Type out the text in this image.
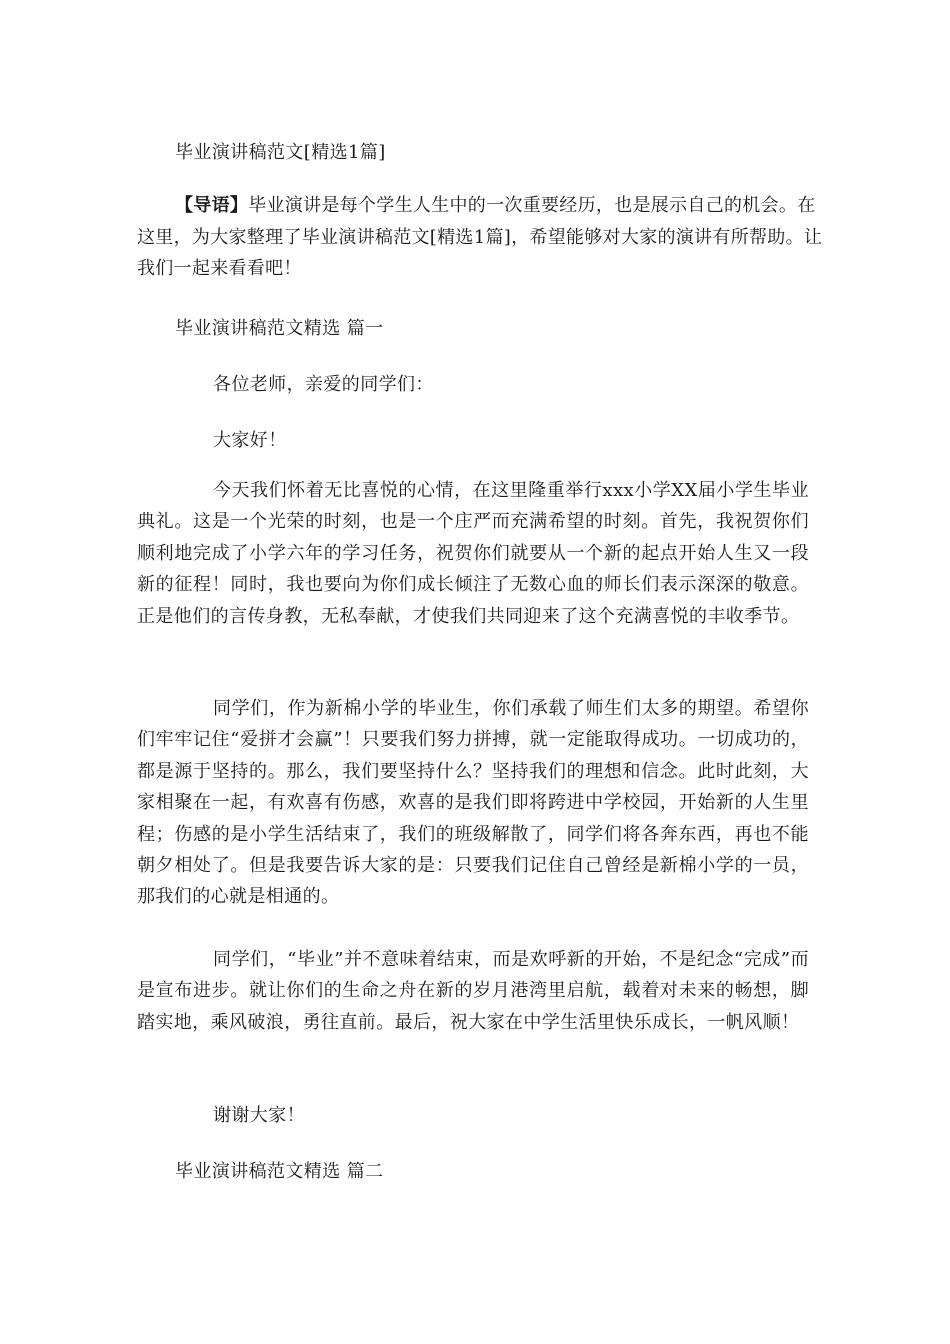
毕业演讲稿范文[精选1篇]

【导语】毕业演讲是每个学生人生中的一次重要经历，也是展示自己的机会。在这里，为大家整理了毕业演讲稿范文[精选1篇]，希望能够对大家的演讲有所帮助。让我们一起来看看吧！

毕业演讲稿范文精选 篇一
各位老师，亲爱的同学们：
大家好！

今天我们怀着无比喜悦的心情，在这里隆重举行xxx小学XX届小学生毕业典礼。这是一个光荣的时刻，也是一个庄严而充满希望的时刻。首先，我祝贺你们顺利地完成了小学六年的学习任务，祝贺你们就要从一个新的起点开始人生又一段新的征程！同时，我也要向为你们成长倾注了无数心血的师长们表示深深的敬意。正是他们的言传身教，无私奉献，才使我们共同迎来了这个充满喜悦的丰收季节。

同学们，作为新棉小学的毕业生，你们承载了师生们太多的期望。希望你们牢牢记住“爱拼才会赢”！只要我们努力拼搏，就一定能取得成功。一切成功的，都是源于坚持的。那么，我们要坚持什么？坚持我们的理想和信念。此时此刻，大家相聚在一起，有欢喜有伤感，欢喜的是我们即将跨进中学校园，开始新的人生里程；伤感的是小学生活结束了，我们的班级解散了，同学们将各奔东西，再也不能朝夕相处了。但是我要告诉大家的是：只要我们记住自己曾经是新棉小学的一员，那我们的心就是相通的。

同学们，“毕业”并不意味着结束，而是欢呼新的开始，不是纪念“完成”而是宣布进步。就让你们的生命之舟在新的岁月港湾里启航，载着对未来的畅想，脚踏实地，乘风破浪，勇往直前。最后，祝大家在中学生活里快乐成长，一帆风顺！

谢谢大家！
毕业演讲稿范文精选 篇二
